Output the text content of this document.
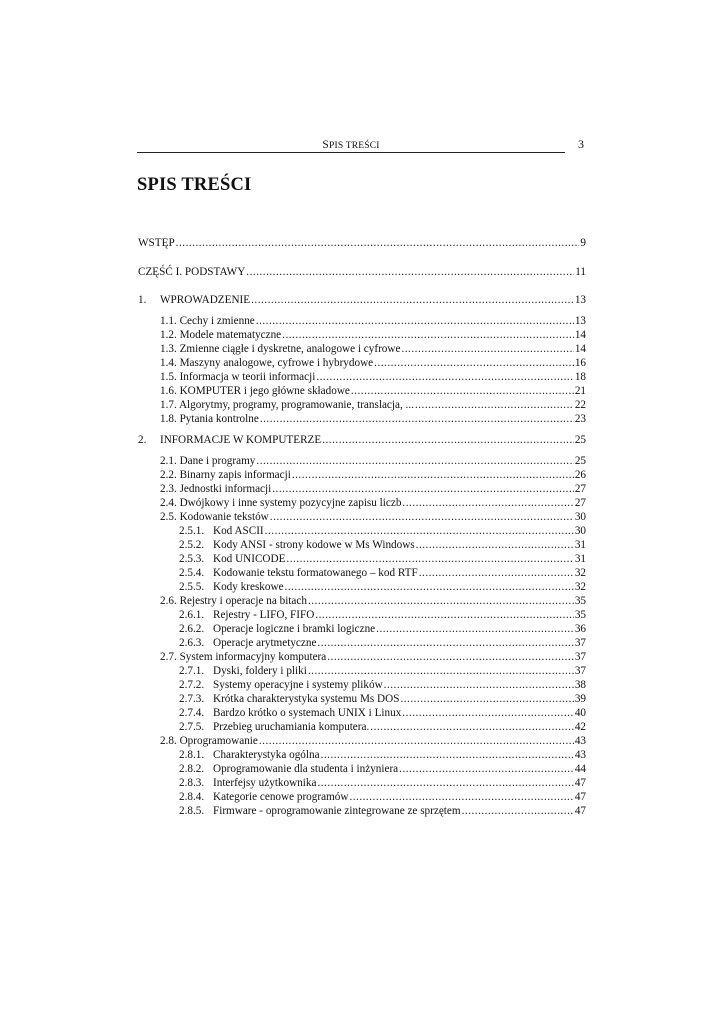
SPIS TREŚCI	3
SPIS TREŚCI
WSTĘP .....	9
CZĘŚĆ I. PODSTAWY .....	11
1.	WPROWADZENIE .....	13
1.1. Cechy i zmienne .....	13
1.2. Modele matematyczne .....	14
1.3. Zmienne ciągłe i dyskretne, analogowe i cyfrowe .....	14
1.4. Maszyny analogowe, cyfrowe i hybrydowe .....	16
1.5. Informacja w teorii informacji .....	18
1.6. KOMPUTER i jego główne składowe .....	21
1.7. Algorytmy, programy, programowanie, translacja, ... .....	22
1.8. Pytania kontrolne .....	23
2.	INFORMACJE W KOMPUTERZE .....	25
2.1. Dane i programy .....	25
2.2. Binarny zapis informacji .....	26
2.3. Jednostki informacji .....	27
2.4. Dwójkowy i inne systemy pozycyjne zapisu liczb .....	27
2.5. Kodowanie tekstów .....	30
2.5.1. Kod ASCII .....	30
2.5.2. Kody ANSI - strony kodowe w Ms Windows .....	31
2.5.3. Kod UNICODE .....	31
2.5.4. Kodowanie tekstu formatowanego – kod RTF .....	32
2.5.5. Kody kreskowe .....	32
2.6. Rejestry i operacje na bitach .....	35
2.6.1. Rejestry - LIFO, FIFO .....	35
2.6.2. Operacje logiczne i bramki logiczne .....	36
2.6.3. Operacje arytmetyczne .....	37
2.7. System informacyjny komputera .....	37
2.7.1. Dyski, foldery i pliki .....	37
2.7.2. Systemy operacyjne i systemy plików .....	38
2.7.3. Krótka charakterystyka systemu Ms DOS .....	39
2.7.4. Bardzo krótko o systemach UNIX i Linux .....	40
2.7.5. Przebieg uruchamiania komputera. .....	42
2.8. Oprogramowanie .....	43
2.8.1. Charakterystyka ogólna .....	43
2.8.2. Oprogramowanie dla studenta i inżyniera .....	44
2.8.3. Interfejsy użytkownika .....	47
2.8.4. Kategorie cenowe programów .....	47
2.8.5. Firmware - oprogramowanie zintegrowane ze sprzętem .....	47
